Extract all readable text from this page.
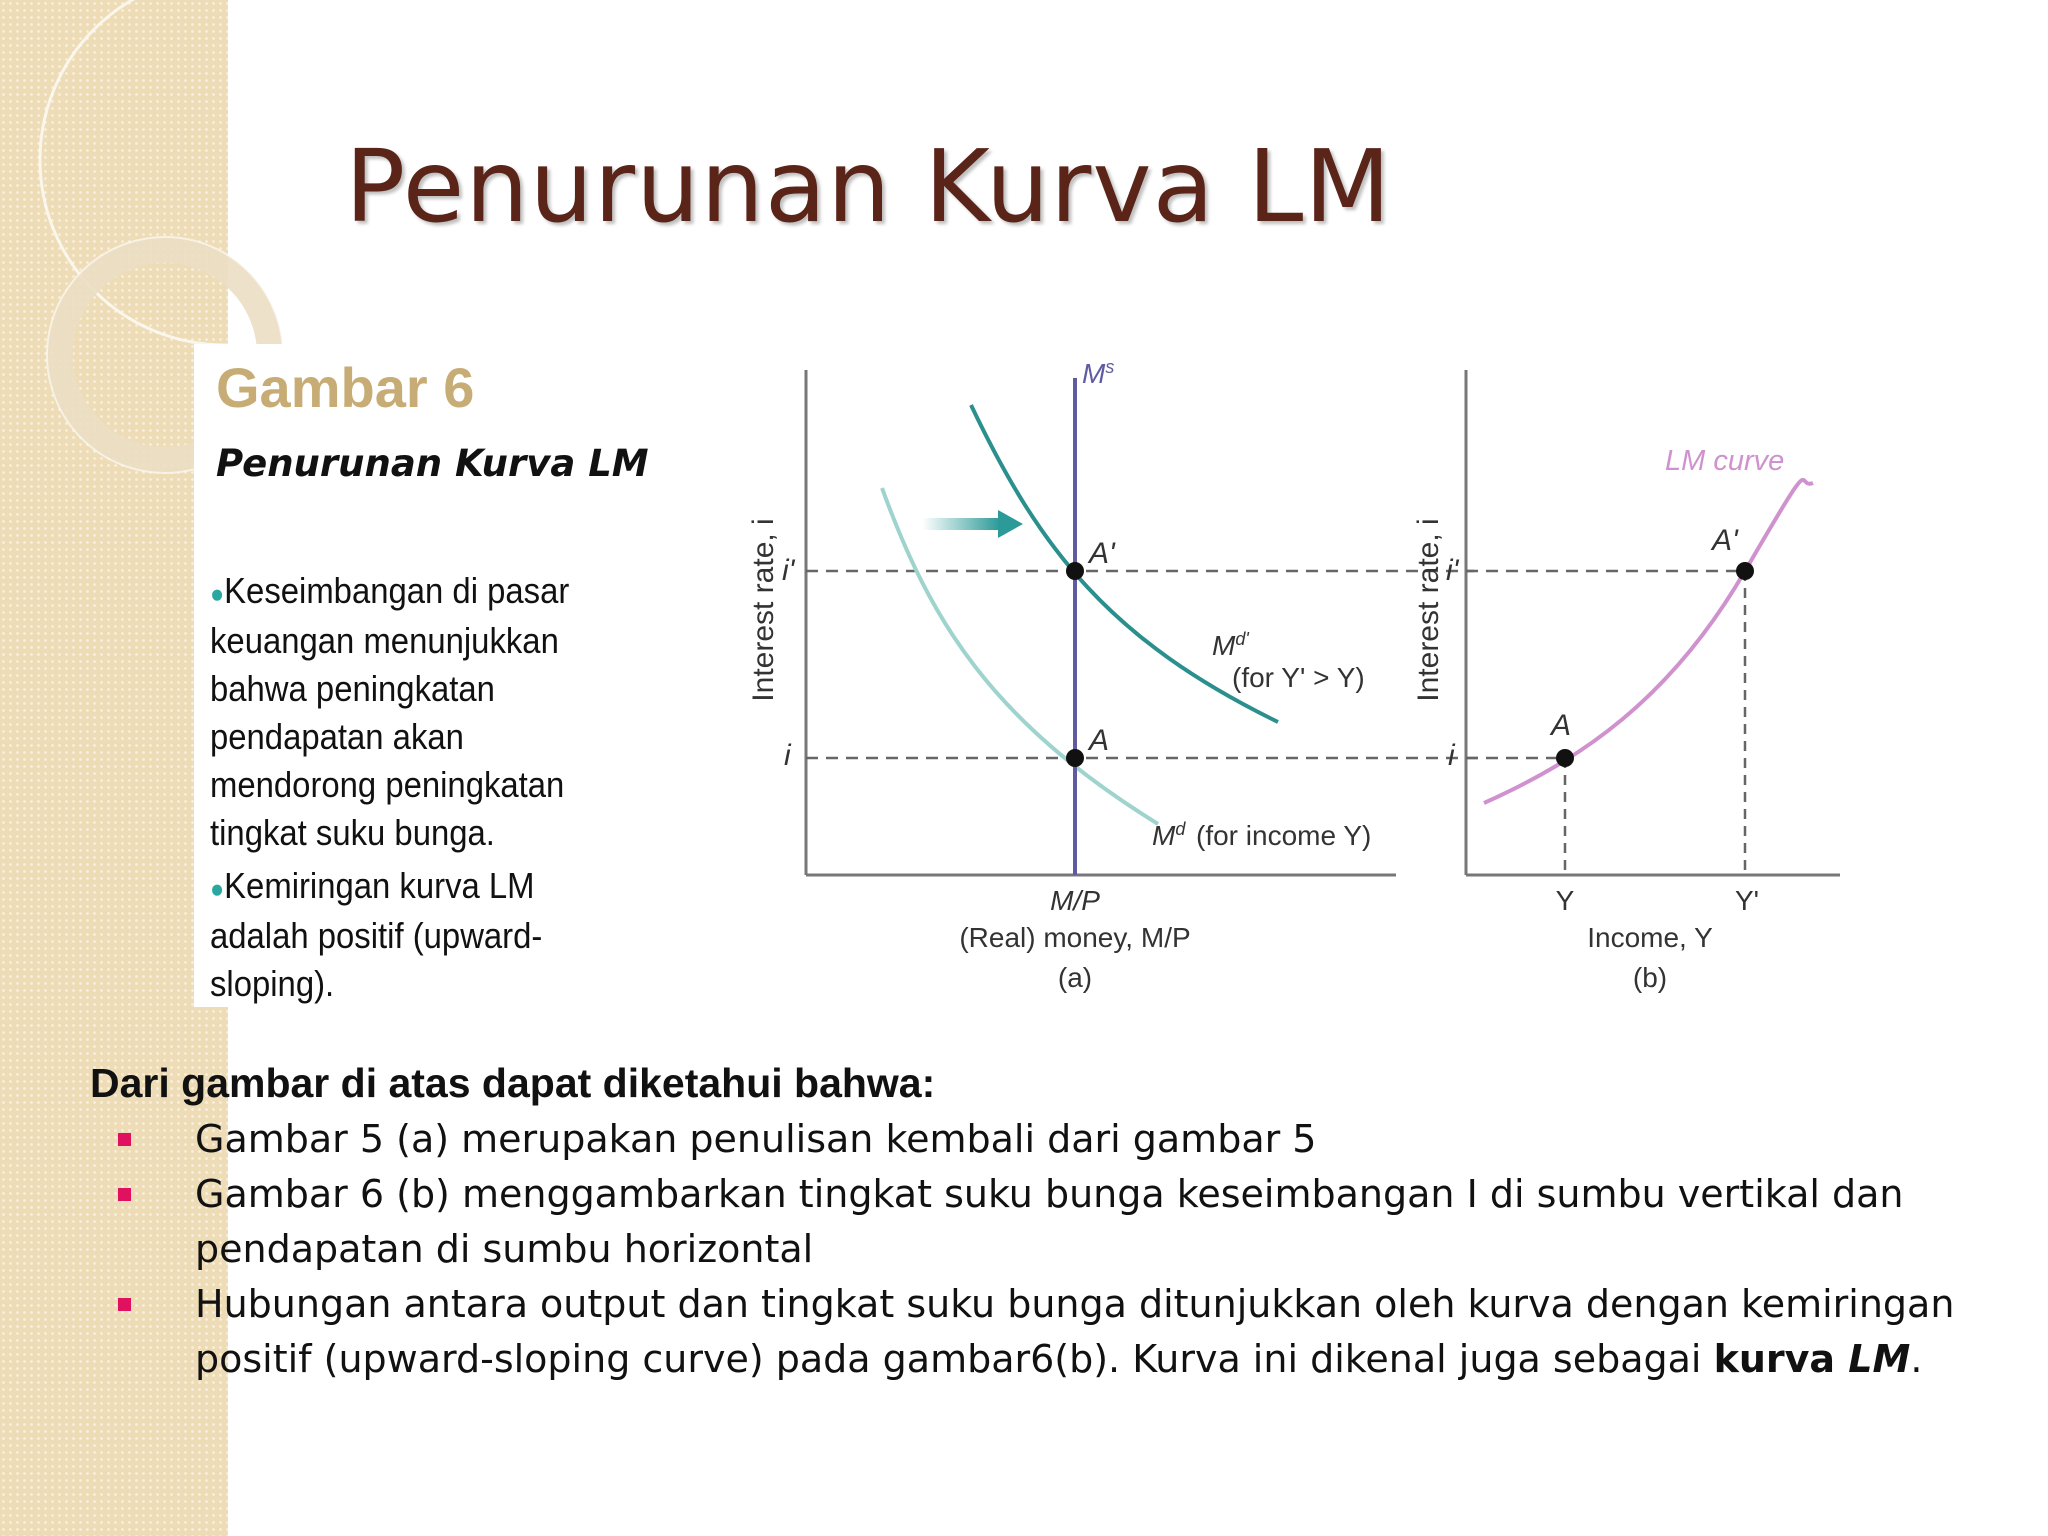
Penurunan Kurva LM
Gambar 6
Penurunan Kurva LM
●Keseimbangan di pasar keuangan menunjukkan bahwa peningkatan pendapatan akan mendorong peningkatan tingkat suku bunga.
●Kemiringan kurva LM adalah positif (upward-sloping).
Interest rate, i i'
i
$M^s$
A'
A
$M^{d'}$
(for Y' > Y)
$M^d$ (for income Y)
M/P
(Real) money, M/P
(a)
Interest rate, i i'
i
LM curve
A
A'
Y	Y'
Income, Y
(b)

Dari gambar di atas dapat diketahui bahwa:

Gambar 5 (a) merupakan penulisan kembali dari gambar 5
Gambar 6 (b) menggambarkan tingkat suku bunga keseimbangan I di sumbu vertikal dan pendapatan di sumbu horizontal
Hubungan antara output dan tingkat suku bunga ditunjukkan oleh kurva dengan kemiringan positif (upward-sloping curve) pada gambar6(b). Kurva ini dikenal juga sebagai kurva LM.
